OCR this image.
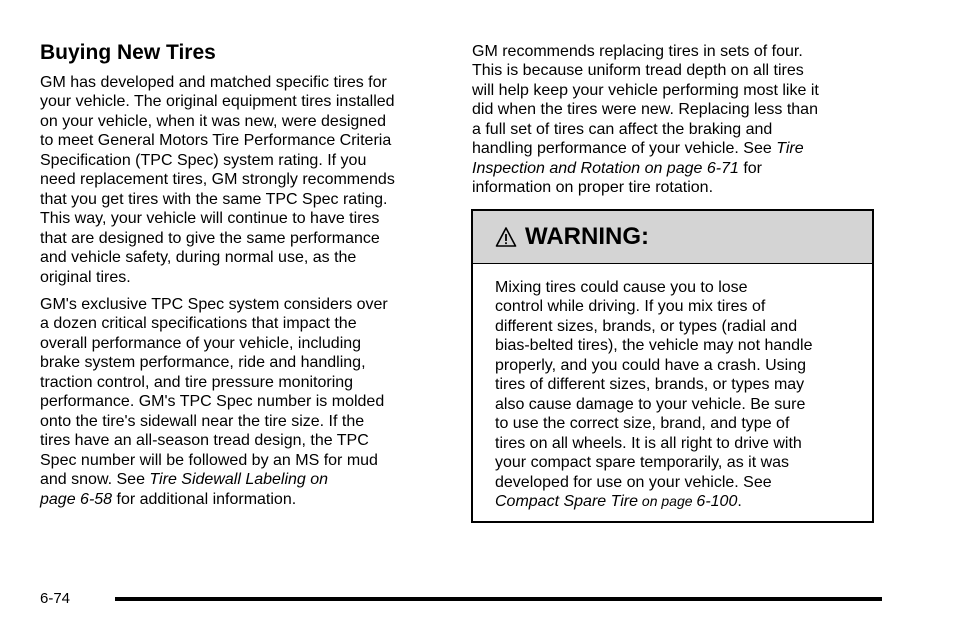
Buying New Tires

GM has developed and matched specific tires for
your vehicle. The original equipment tires installed
on your vehicle, when it was new, were designed
to meet General Motors Tire Performance Criteria
Specification (TPC Spec) system rating. If you
need replacement tires, GM strongly recommends
that you get tires with the same TPC Spec rating.
This way, your vehicle will continue to have tires
that are designed to give the same performance
and vehicle safety, during normal use, as the
original tires.

GM's exclusive TPC Spec system considers over
a dozen critical specifications that impact the
overall performance of your vehicle, including
brake system performance, ride and handling,
traction control, and tire pressure monitoring
performance. GM's TPC Spec number is molded
onto the tire's sidewall near the tire size. If the
tires have an all-season tread design, the TPC
Spec number will be followed by an MS for mud
and snow. See Tire Sidewall Labeling on
page 6-58 for additional information.

GM recommends replacing tires in sets of four.
This is because uniform tread depth on all tires
will help keep your vehicle performing most like it
did when the tires were new. Replacing less than
a full set of tires can affect the braking and
handling performance of your vehicle. See Tire
Inspection and Rotation on page 6-71 for
information on proper tire rotation.

WARNING:
Mixing tires could cause you to lose
control while driving. If you mix tires of
different sizes, brands, or types (radial and
bias-belted tires), the vehicle may not handle
properly, and you could have a crash. Using
tires of different sizes, brands, or types may
also cause damage to your vehicle. Be sure
to use the correct size, brand, and type of
tires on all wheels. It is all right to drive with
your compact spare temporarily, as it was
developed for use on your vehicle. See
Compact Spare Tire on page 6-100.
6-74
